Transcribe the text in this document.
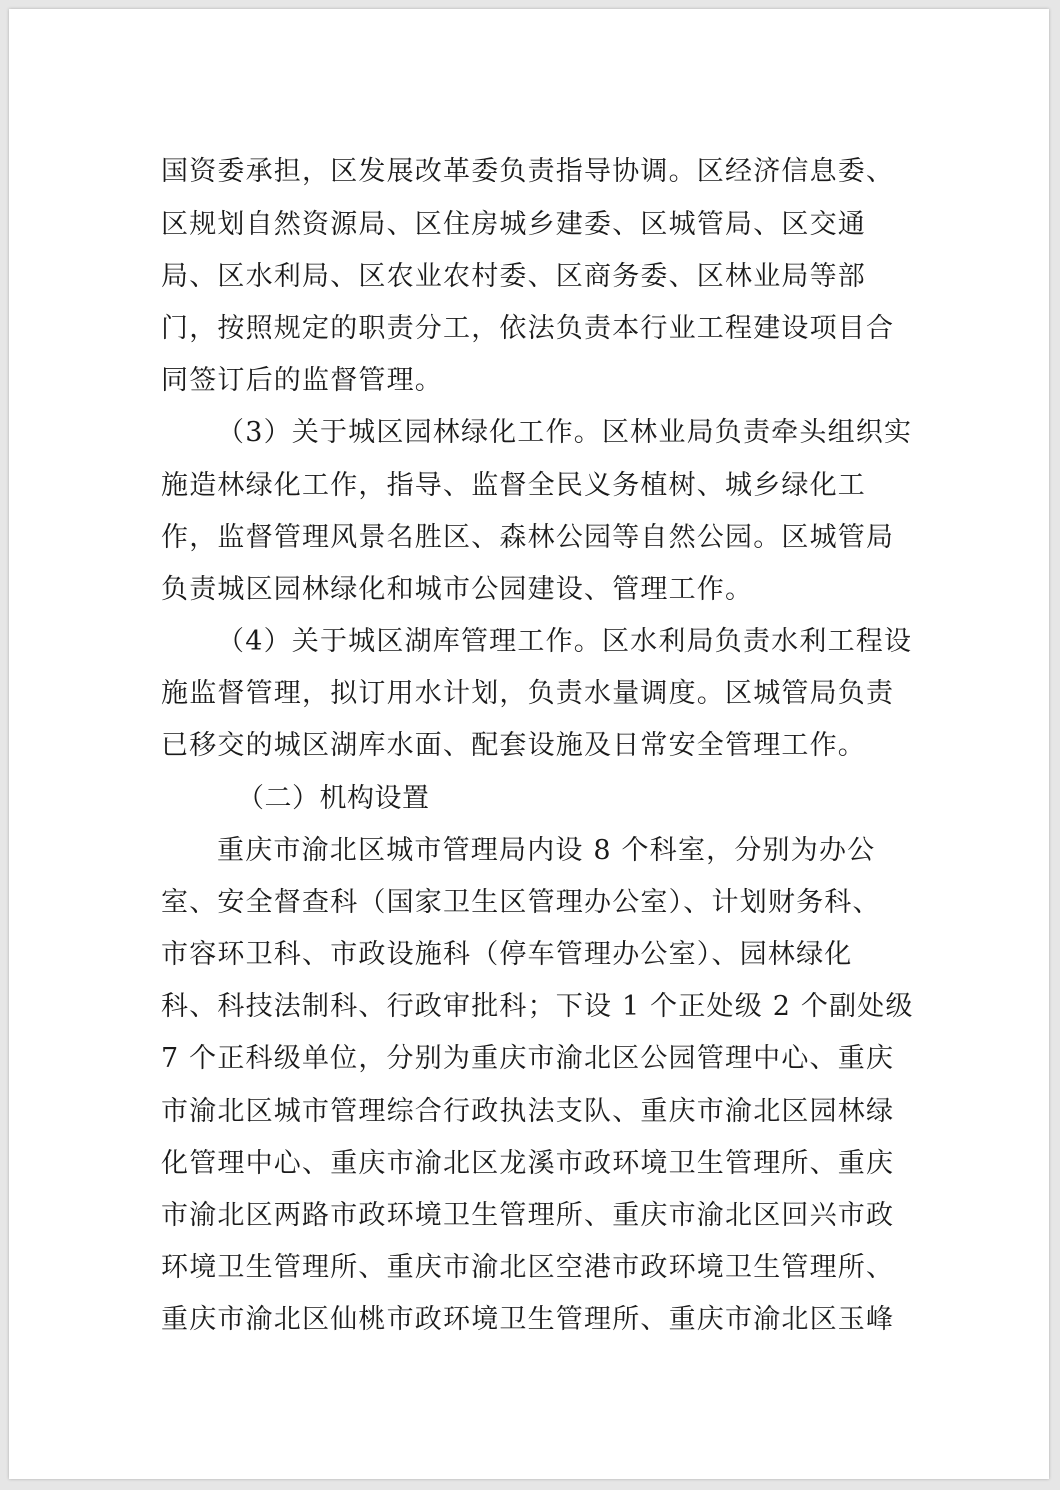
国资委承担，区发展改革委负责指导协调。区经济信息委、
区规划自然资源局、区住房城乡建委、区城管局、区交通
局、区水利局、区农业农村委、区商务委、区林业局等部
门，按照规定的职责分工，依法负责本行业工程建设项目合
同签订后的监督管理。
（3）关于城区园林绿化工作。区林业局负责牵头组织实
施造林绿化工作，指导、监督全民义务植树、城乡绿化工
作，监督管理风景名胜区、森林公园等自然公园。区城管局
负责城区园林绿化和城市公园建设、管理工作。
（4）关于城区湖库管理工作。区水利局负责水利工程设
施监督管理，拟订用水计划，负责水量调度。区城管局负责
已移交的城区湖库水面、配套设施及日常安全管理工作。
（二）机构设置
重庆市渝北区城市管理局内设 8 个科室，分别为办公
室、安全督查科（国家卫生区管理办公室）、计划财务科、
市容环卫科、市政设施科（停车管理办公室）、园林绿化
科、科技法制科、行政审批科；下设 1 个正处级 2 个副处级
7 个正科级单位，分别为重庆市渝北区公园管理中心、重庆
市渝北区城市管理综合行政执法支队、重庆市渝北区园林绿
化管理中心、重庆市渝北区龙溪市政环境卫生管理所、重庆
市渝北区两路市政环境卫生管理所、重庆市渝北区回兴市政
环境卫生管理所、重庆市渝北区空港市政环境卫生管理所、
重庆市渝北区仙桃市政环境卫生管理所、重庆市渝北区玉峰
